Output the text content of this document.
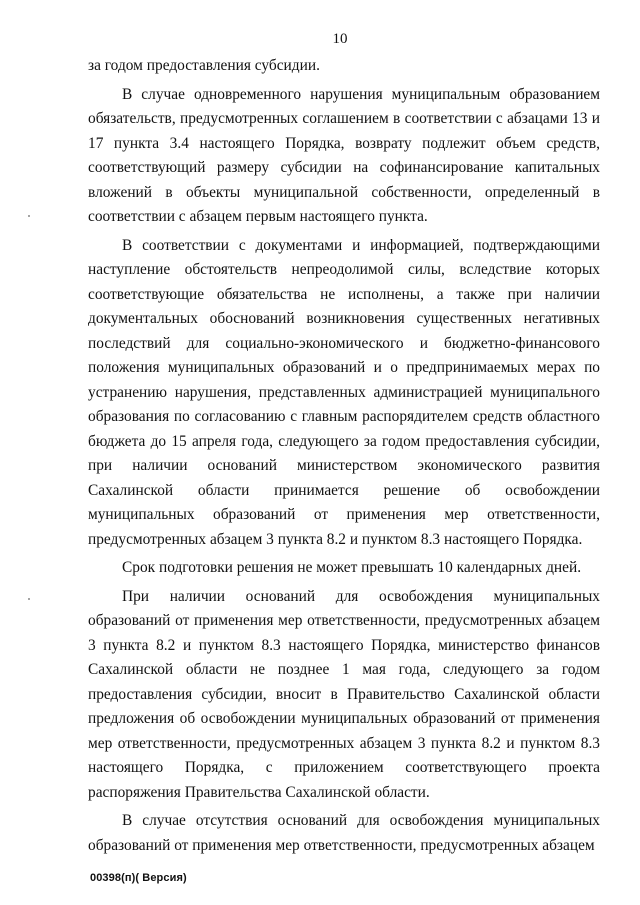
10

за годом предоставления субсидии.

В случае одновременного нарушения муниципальным образованием обязательств, предусмотренных соглашением в соответствии с абзацами 13 и 17 пункта 3.4 настоящего Порядка, возврату подлежит объем средств, соответствующий размеру субсидии на софинансирование капитальных вложений в объекты муниципальной собственности, определенный в соответствии с абзацем первым настоящего пункта.

В соответствии с документами и информацией, подтверждающими наступление обстоятельств непреодолимой силы, вследствие которых соответствующие обязательства не исполнены, а также при наличии документальных обоснований возникновения существенных негативных последствий для социально-экономического и бюджетно-финансового положения муниципальных образований и о предпринимаемых мерах по устранению нарушения, представленных администрацией муниципального образования по согласованию с главным распорядителем средств областного бюджета до 15 апреля года, следующего за годом предоставления субсидии, при наличии оснований министерством экономического развития Сахалинской области принимается решение об освобождении муниципальных образований от применения мер ответственности, предусмотренных абзацем 3 пункта 8.2 и пунктом 8.3 настоящего Порядка.

Срок подготовки решения не может превышать 10 календарных дней.

При наличии оснований для освобождения муниципальных образований от применения мер ответственности, предусмотренных абзацем 3 пункта 8.2 и пунктом 8.3 настоящего Порядка, министерство финансов Сахалинской области не позднее 1 мая года, следующего за годом предоставления субсидии, вносит в Правительство Сахалинской области предложения об освобождении муниципальных образований от применения мер ответственности, предусмотренных абзацем 3 пункта 8.2 и пунктом 8.3 настоящего Порядка, с приложением соответствующего проекта распоряжения Правительства Сахалинской области.

В случае отсутствия оснований для освобождения муниципальных образований от применения мер ответственности, предусмотренных абзацем

00398(п)( Версия)
